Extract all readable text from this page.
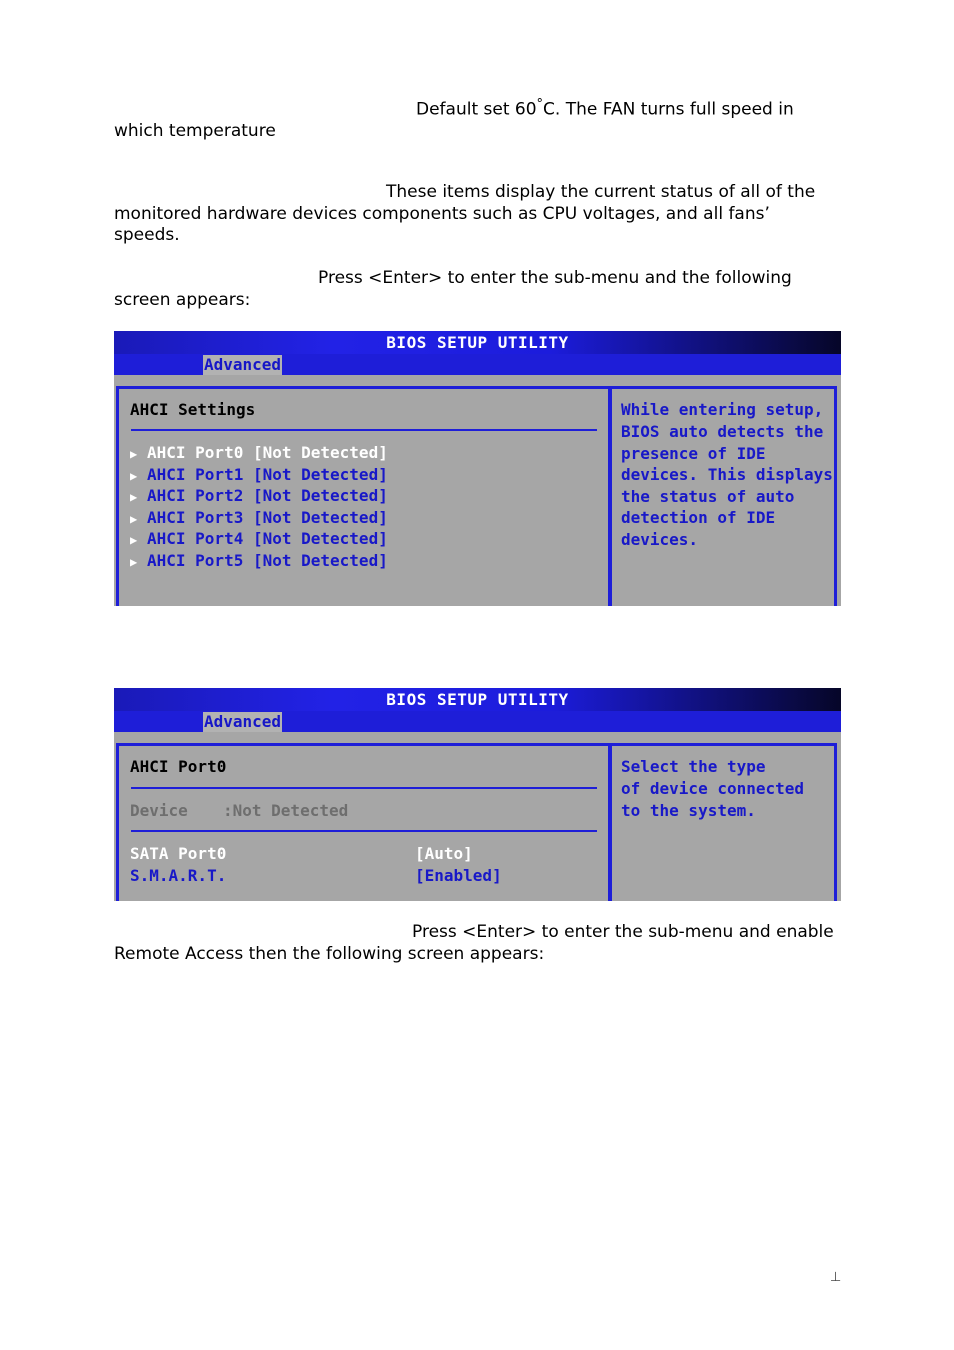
Default set 60°C. The FAN turns full speed in
which temperature

These items display the current status of all of the
monitored hardware devices components such as CPU voltages, and all fans’
speeds.

Press <Enter> to enter the sub-menu and the following
screen appears:

BIOS SETUP UTILITY
Advanced
AHCI Settings
▶ AHCI Port0 [Not Detected]
▶ AHCI Port1 [Not Detected]
▶ AHCI Port2 [Not Detected]
▶ AHCI Port3 [Not Detected]
▶ AHCI Port4 [Not Detected]
▶ AHCI Port5 [Not Detected]
While entering setup,
BIOS auto detects the
presence of IDE
devices. This displays
the status of auto
detection of IDE
devices.
BIOS SETUP UTILITY
Advanced
AHCI Port0
Device :Not Detected
SATA Port0	[Auto]
S.M.A.R.T.	[Enabled]
Select the type
of device connected
to the system.

Press <Enter> to enter the sub-menu and enable
Remote Access then the following screen appears:

⊥
